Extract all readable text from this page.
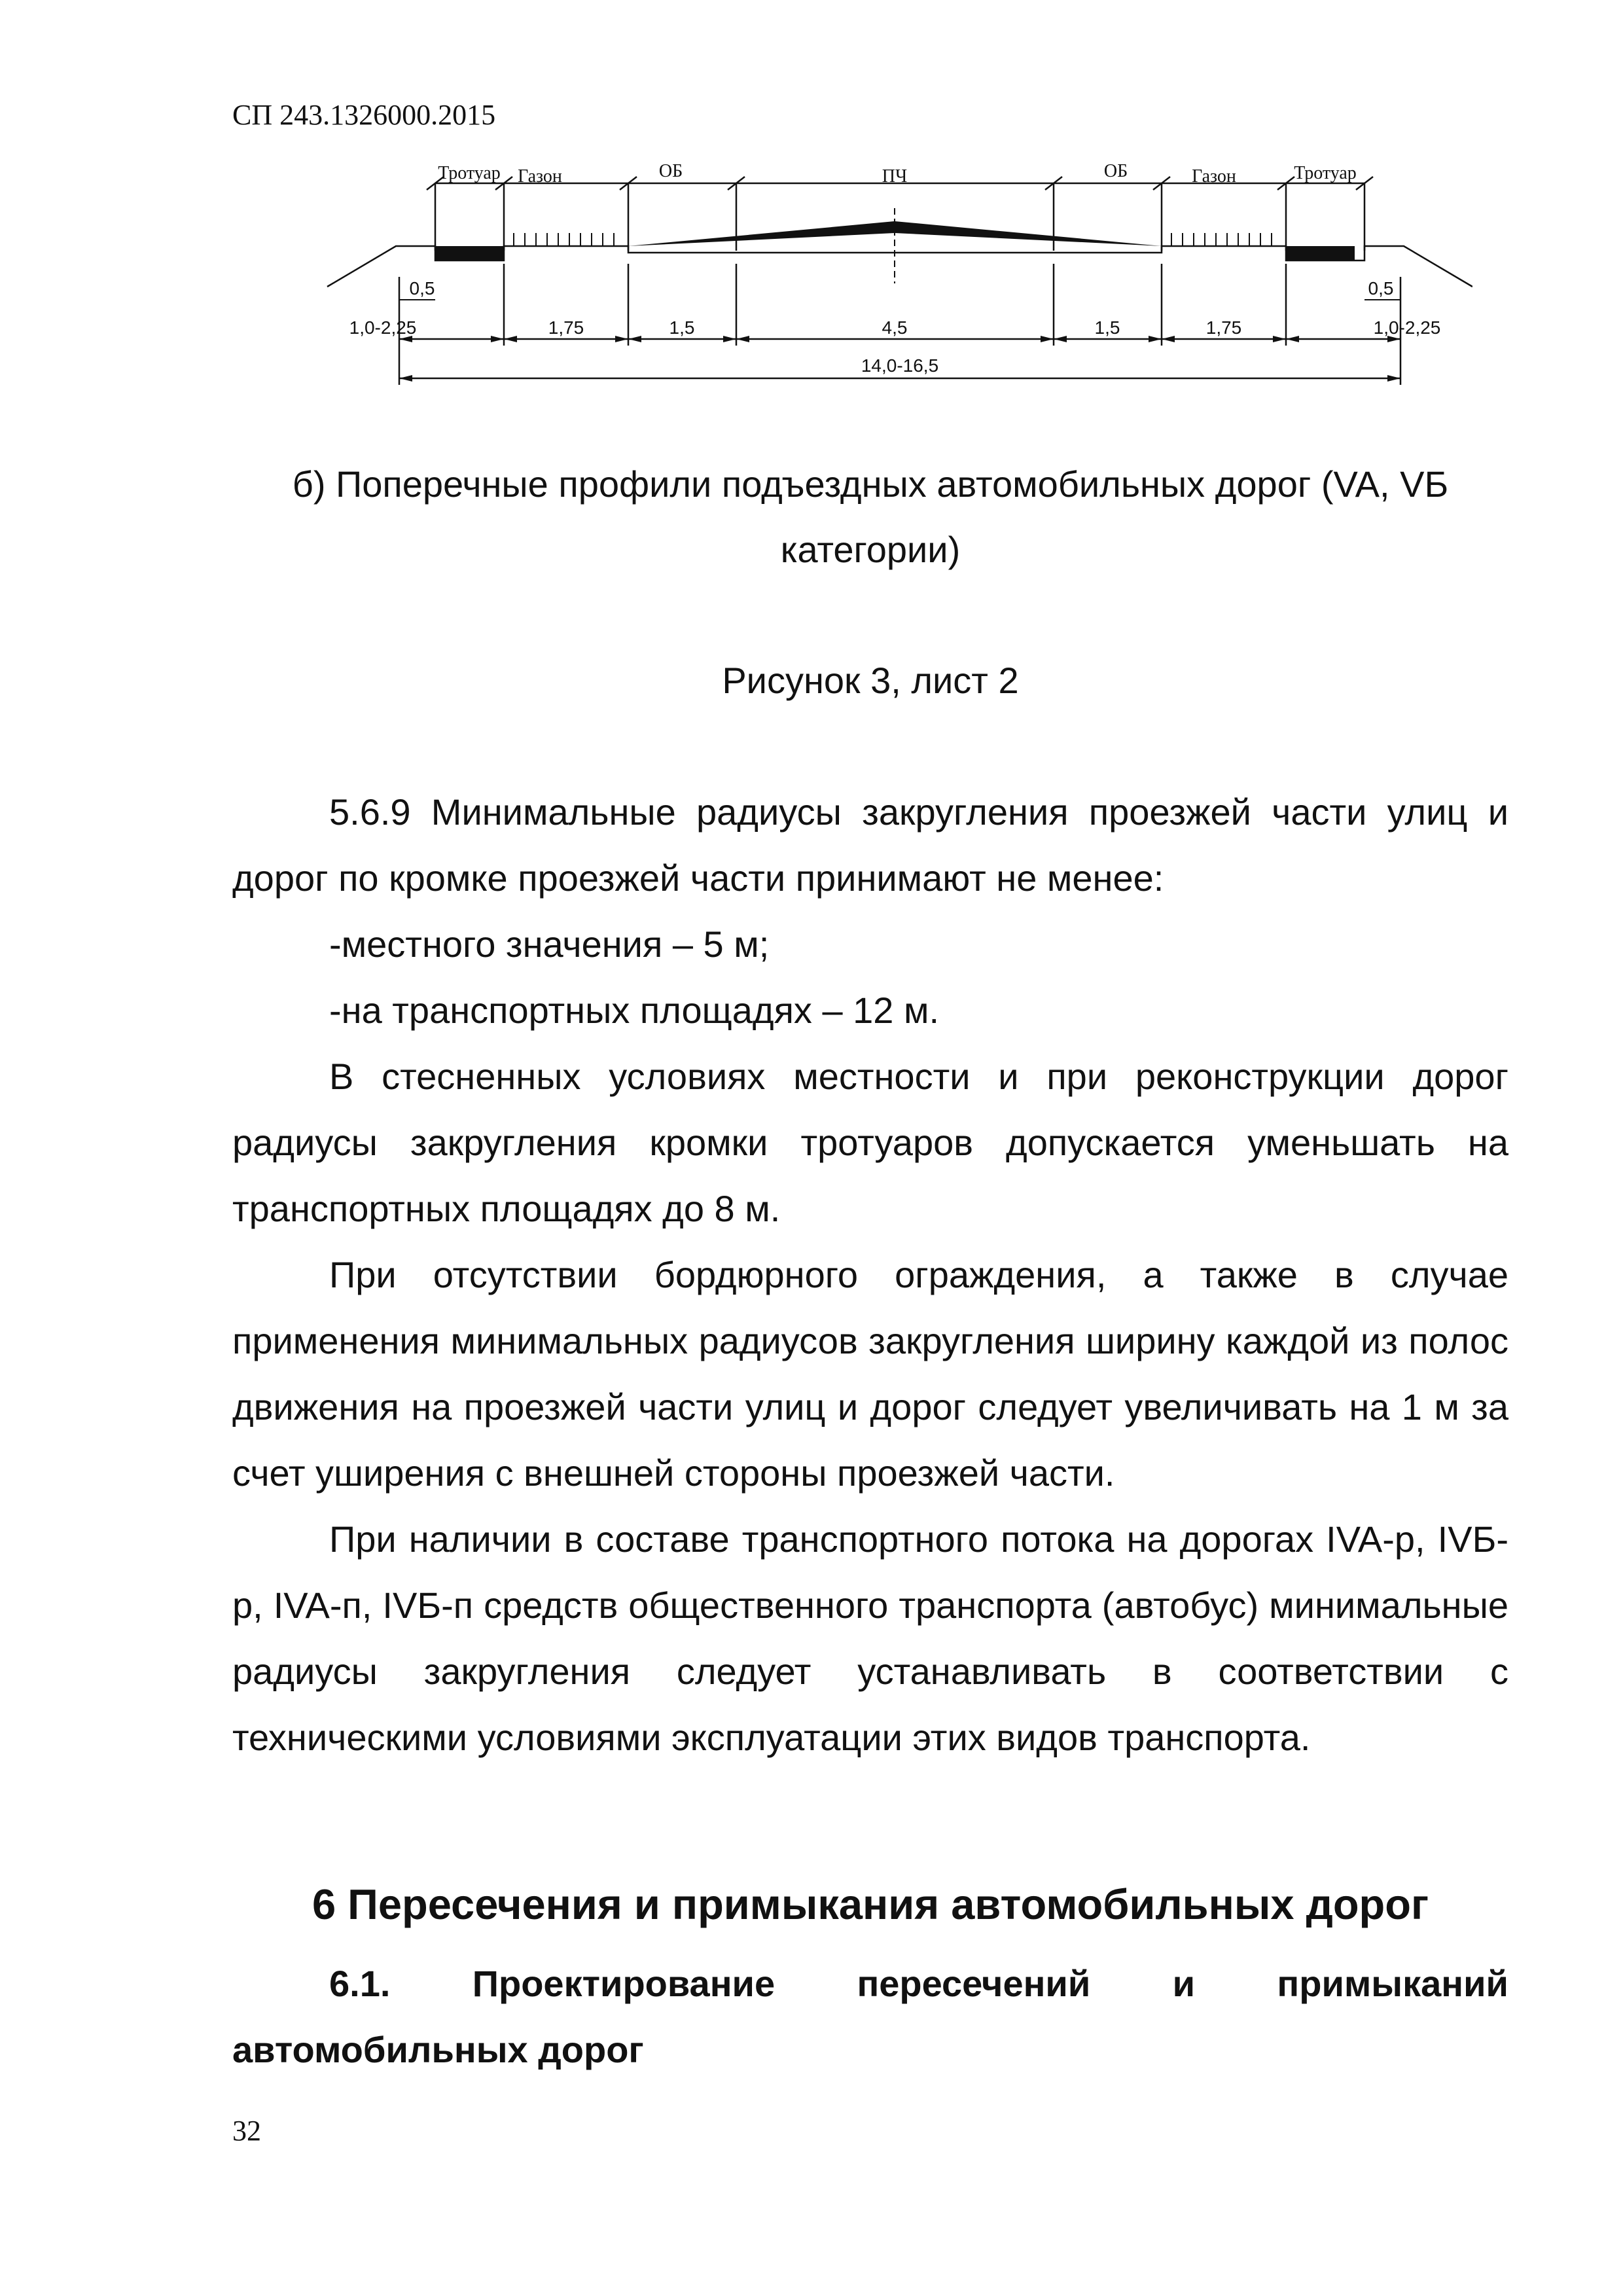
СП 243.1326000.2015
Тротуар Газон	ОБ	ПЧ	ОБ	Газон	Тротуар
0,5	0,5
1,0-2,25	1,75	1,5	4,5	1,5	1,75	1,0-2,25
14,0-16,5
б) Поперечные профили подъездных автомобильных дорог (VA, VБ
категории)
Рисунок 3, лист 2

5.6.9 Минимальные радиусы закругления проезжей части улиц и дорог по кромке проезжей части принимают не менее:

-местного значения – 5 м;

-на транспортных площадях – 12 м.

В стесненных условиях местности и при реконструкции дорог радиусы закругления кромки тротуаров допускается уменьшать на транспортных площадях до 8 м.

При отсутствии бордюрного ограждения, а также в случае применения минимальных радиусов закругления ширину каждой из полос движения на проезжей части улиц и дорог следует увеличивать на 1 м за счет уширения с внешней стороны проезжей части.

При наличии в составе транспортного потока на дорогах IVA-р, IVБ-р, IVA-п, IVБ-п средств общественного транспорта (автобус) минимальные радиусы закругления следует устанавливать в соответствии с техническими условиями эксплуатации этих видов транспорта.

6 Пересечения и примыкания автомобильных дорог
6.1. Проектирование пересечений и примыканий
автомобильных дорог
32
